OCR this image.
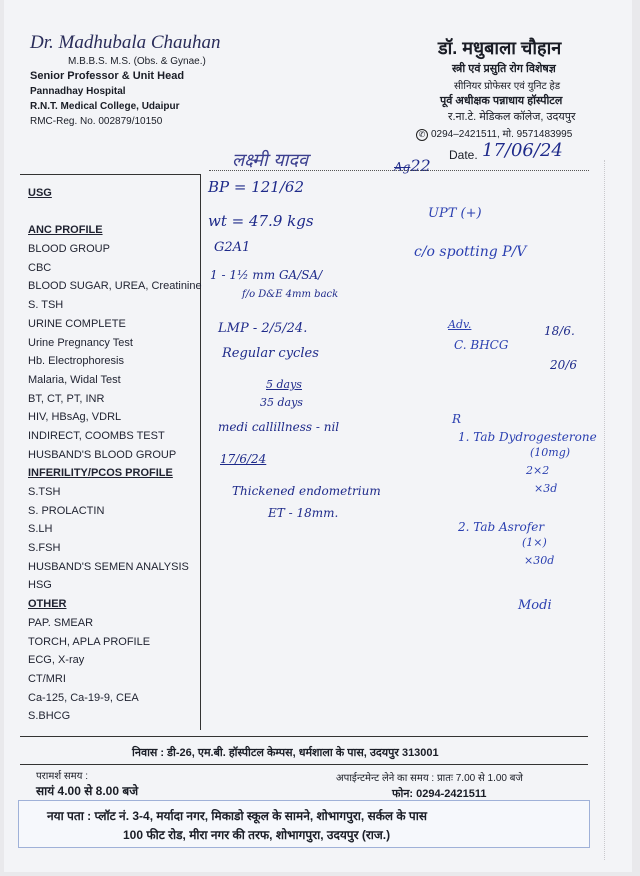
Dr. Madhubala Chauhan
M.B.B.S. M.S. (Obs. & Gynae.)
Senior Professor & Unit Head
Pannadhay Hospital
R.N.T. Medical College, Udaipur
RMC-Reg. No. 002879/10150
डॉ. मधुबाला चौहान
स्त्री एवं प्रसुति रोग विशेषज्ञ
सीनियर प्रोफेसर एवं युनिट हेड
पूर्व अधीक्षक पन्नाधाय हॉस्पीटल
र.ना.टे. मेडिकल कॉलेज, उदयपुर
✆ 0294–2421511, मो. 9571483995
लक्ष्मी यादव	Ag22
Date. 17/06/24
USG
ANC PROFILE
BLOOD GROUP
CBC
BLOOD SUGAR, UREA, Creatinine
S. TSH
URINE COMPLETE
Urine Pregnancy Test
Hb. Electrophoresis
Malaria, Widal Test
BT, CT, PT, INR
HIV, HBsAg, VDRL
INDIRECT, COOMBS TEST
HUSBAND'S BLOOD GROUP
INFERILITY/PCOS PROFILE
S.TSH
S. PROLACTIN
S.LH
S.FSH
HUSBAND'S SEMEN ANALYSIS
HSG
OTHER
PAP. SMEAR
TORCH, APLA PROFILE
ECG, X-ray
CT/MRI
Ca-125, Ca-19-9, CEA
S.BHCG
BP = 121/62
wt = 47.9 kgs
G2A1
1 - 1½ mm GA/SA/
f/o D&E 4mm back
LMP - 2/5/24.
Regular cycles
5 days
35 days
medi callillness - nil
17/6/24
Thickened endometrium
ET - 18mm.
UPT (+)
c/o spotting P/V
Adv.
C. BHCG
18/6.
20/6
R
1. Tab Dydrogesterone
(10mg)
2×2
×3d
2. Tab Asrofer
(1×)
×30d
Modi
निवास : डी-26, एम.बी. हॉस्पीटल केम्पस, धर्मशाला के पास, उदयपुर 313001
परामर्श समय :
सायं 4.00 से 8.00 बजे
अपाईन्टमेन्ट लेने का समय : प्रातः 7.00 से 1.00 बजे
फोन: 0294-2421511
नया पता : प्लॉट नं. 3-4, मर्यादा नगर, मिकाडो स्कूल के सामने, शोभागपुरा, सर्कल के पास
100 फीट रोड, मीरा नगर की तरफ, शोभागपुरा, उदयपुर (राज.)
